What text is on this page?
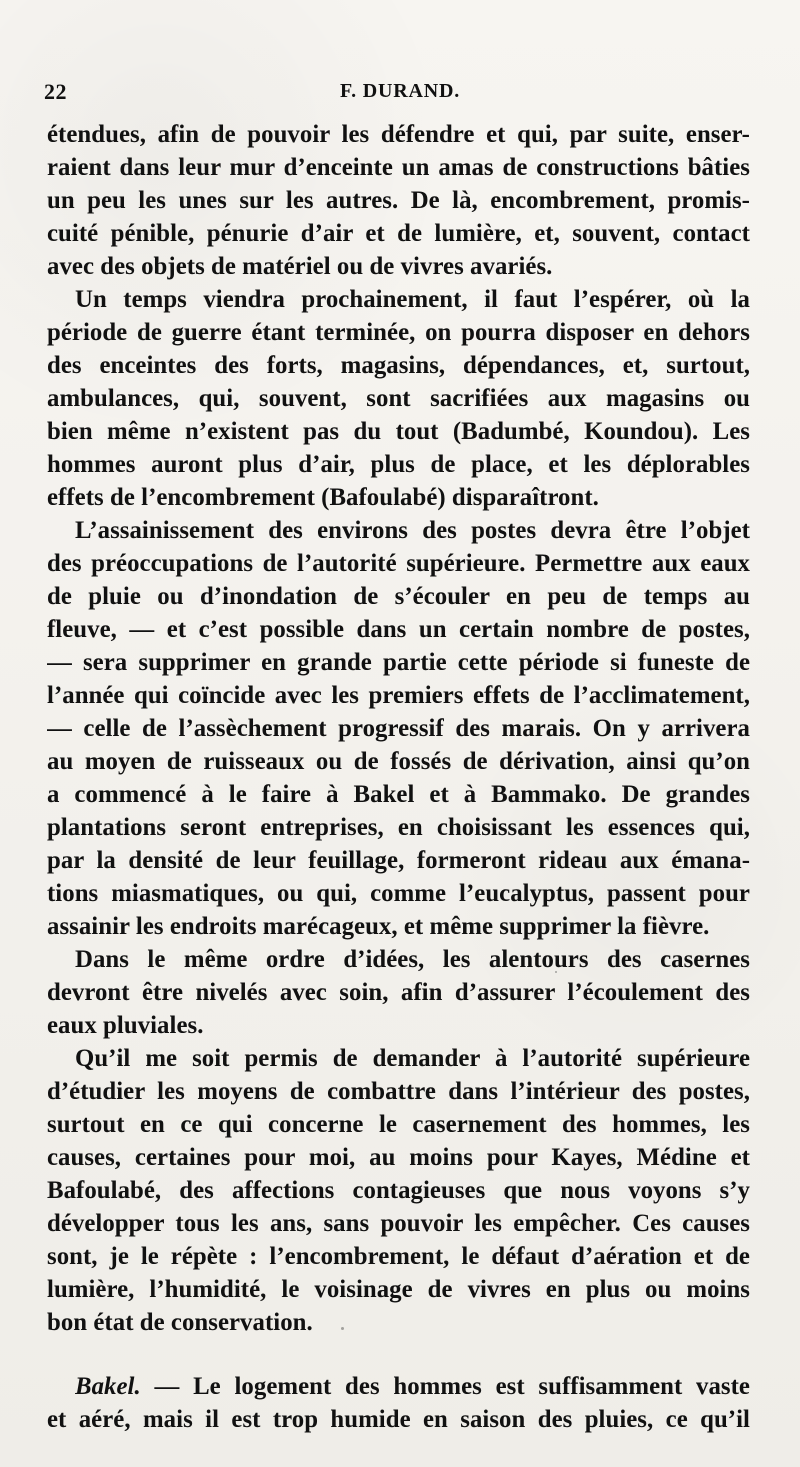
22	F. DURAND.
étendues, afin de pouvoir les défendre et qui, par suite, enser-
raient dans leur mur d’enceinte un amas de constructions bâties
un peu les unes sur les autres. De là, encombrement, promis-
cuité pénible, pénurie d’air et de lumière, et, souvent, contact
avec des objets de matériel ou de vivres avariés.
Un temps viendra prochainement, il faut l’espérer, où la
période de guerre étant terminée, on pourra disposer en dehors
des enceintes des forts, magasins, dépendances, et, surtout,
ambulances, qui, souvent, sont sacrifiées aux magasins ou
bien même n’existent pas du tout (Badumbé, Koundou). Les
hommes auront plus d’air, plus de place, et les déplorables
effets de l’encombrement (Bafoulabé) disparaîtront.
L’assainissement des environs des postes devra être l’objet
des préoccupations de l’autorité supérieure. Permettre aux eaux
de pluie ou d’inondation de s’écouler en peu de temps au
fleuve, — et c’est possible dans un certain nombre de postes,
— sera supprimer en grande partie cette période si funeste de
l’année qui coïncide avec les premiers effets de l’acclimatement,
— celle de l’assèchement progressif des marais. On y arrivera
au moyen de ruisseaux ou de fossés de dérivation, ainsi qu’on
a commencé à le faire à Bakel et à Bammako. De grandes
plantations seront entreprises, en choisissant les essences qui,
par la densité de leur feuillage, formeront rideau aux émana-
tions miasmatiques, ou qui, comme l’eucalyptus, passent pour
assainir les endroits marécageux, et même supprimer la fièvre.
Dans le même ordre d’idées, les alentours des casernes
devront être nivelés avec soin, afin d’assurer l’écoulement des
eaux pluviales.
Qu’il me soit permis de demander à l’autorité supérieure
d’étudier les moyens de combattre dans l’intérieur des postes,
surtout en ce qui concerne le casernement des hommes, les
causes, certaines pour moi, au moins pour Kayes, Médine et
Bafoulabé, des affections contagieuses que nous voyons s’y
développer tous les ans, sans pouvoir les empêcher. Ces causes
sont, je le répète : l’encombrement, le défaut d’aération et de
lumière, l’humidité, le voisinage de vivres en plus ou moins
bon état de conservation.
Bakel. — Le logement des hommes est suffisamment vaste
et aéré, mais il est trop humide en saison des pluies, ce qu’il
